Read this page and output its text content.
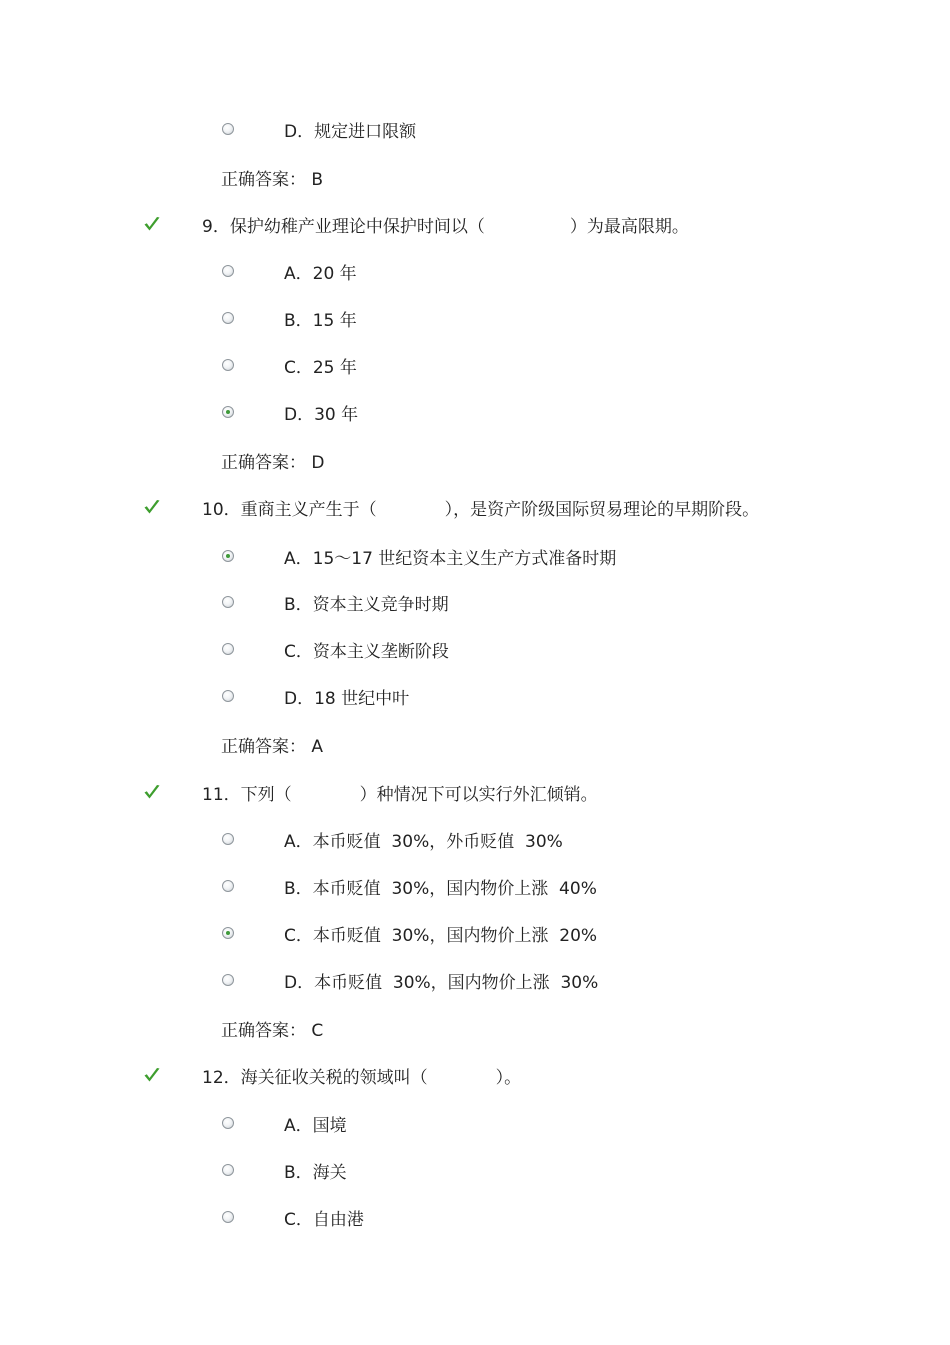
D．规定进口限额
正确答案： B
9．保护幼稚产业理论中保护时间以（　　　　　）为最高限期。
A．20 年
B．15 年
C．25 年
D．30 年
正确答案： D
10．重商主义产生于（　　　　），是资产阶级国际贸易理论的早期阶段。
A．15～17 世纪资本主义生产方式准备时期
B．资本主义竞争时期
C．资本主义垄断阶段
D．18 世纪中叶
正确答案： A
11．下列（　　　　）种情况下可以实行外汇倾销。
A．本币贬值  30%，外币贬值  30%
B．本币贬值  30%，国内物价上涨  40%
C．本币贬值  30%，国内物价上涨  20%
D．本币贬值  30%，国内物价上涨  30%
正确答案： C
12．海关征收关税的领域叫（　　　　）。
A．国境
B．海关
C．自由港
